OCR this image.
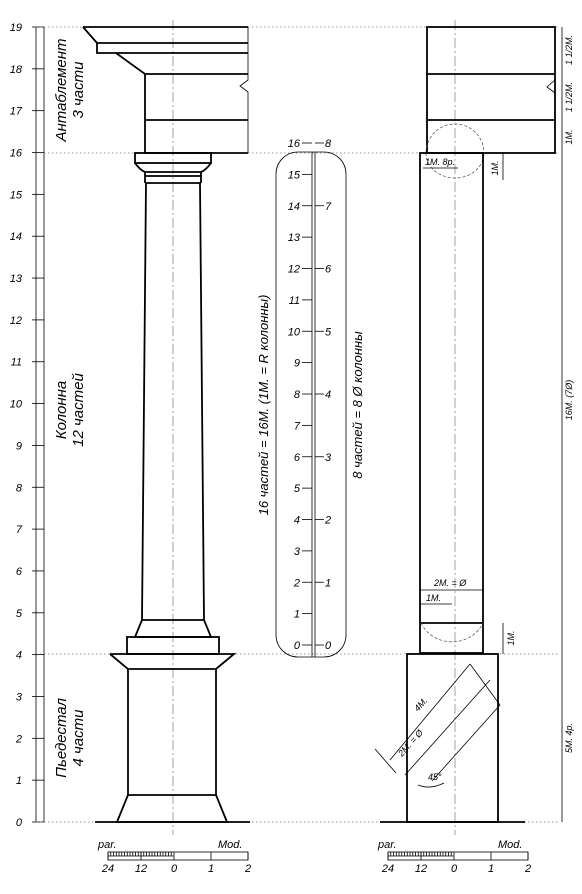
0
1
2
3
4
5
6
7
8
9
10
11
12
13
14
15
16
17
18
19
Антаблемент 3 части
Колонна 12 частей
Пьедестал 4 части
0
1
2
3
4
5
6
7
8
9
10
11
12
13
14
15
16
0
1
2
3
4
5
6
7
8
16 частей = 16М. (1М. = R колонны)	8 частей = 8 Ø колонны
4М.
2М. = Ø
45°
1М. 8р.
2М. = Ø
1М.
1 1/2М.
1 1/2М.
1М.
16М. (7Ø)
5М. 4р.
1М.
1М.
par.	Mod.
24 12 0	1	2
par.	Mod.
24 12 0	1	2
